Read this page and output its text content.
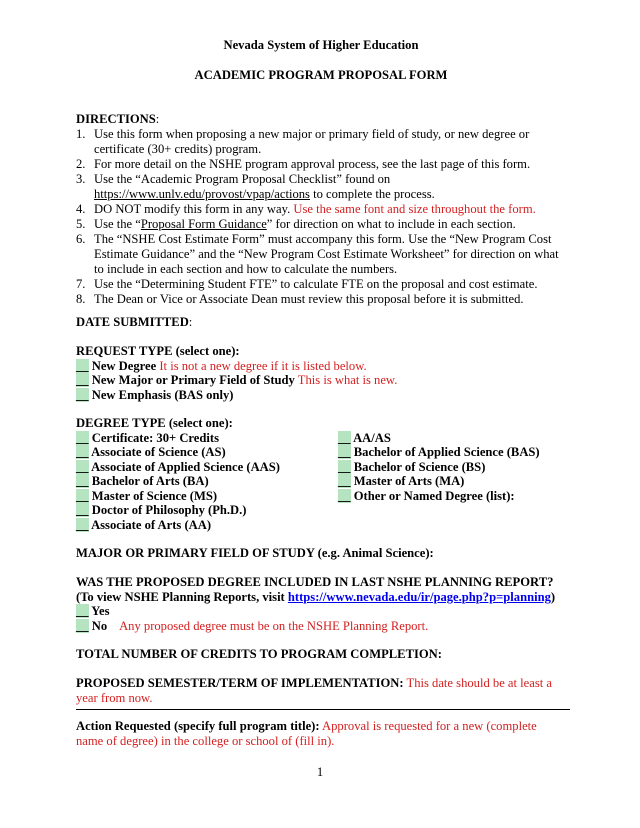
Nevada System of Higher Education
ACADEMIC PROGRAM PROPOSAL FORM
DIRECTIONS:
1. Use this form when proposing a new major or primary field of study, or new degree or certificate (30+ credits) program.
2. For more detail on the NSHE program approval process, see the last page of this form.
3. Use the “Academic Program Proposal Checklist” found on https://www.unlv.edu/provost/vpap/actions to complete the process.
4. DO NOT modify this form in any way. Use the same font and size throughout the form.
5. Use the “Proposal Form Guidance” for direction on what to include in each section.
6. The “NSHE Cost Estimate Form” must accompany this form. Use the “New Program Cost Estimate Guidance” and the “New Program Cost Estimate Worksheet” for direction on what to include in each section and how to calculate the numbers.
7. Use the “Determining Student FTE” to calculate FTE on the proposal and cost estimate.
8. The Dean or Vice or Associate Dean must review this proposal before it is submitted.
DATE SUBMITTED:
REQUEST TYPE (select one):
__ New Degree It is not a new degree if it is listed below.
__ New Major or Primary Field of Study This is what is new.
__ New Emphasis (BAS only)
DEGREE TYPE (select one):
__ Certificate: 30+ Credits
__ Associate of Science (AS)
__ Associate of Applied Science (AAS)
__ Bachelor of Arts (BA)
__ Master of Science (MS)
__ Doctor of Philosophy (Ph.D.)
__ Associate of Arts (AA)
__ AA/AS
__ Bachelor of Applied Science (BAS)
__ Bachelor of Science (BS)
__ Master of Arts (MA)
__ Other or Named Degree (list):
MAJOR OR PRIMARY FIELD OF STUDY (e.g. Animal Science):
WAS THE PROPOSED DEGREE INCLUDED IN LAST NSHE PLANNING REPORT?
(To view NSHE Planning Reports, visit https://www.nevada.edu/ir/page.php?p=planning)
__ Yes
__ No Any proposed degree must be on the NSHE Planning Report.
TOTAL NUMBER OF CREDITS TO PROGRAM COMPLETION:
PROPOSED SEMESTER/TERM OF IMPLEMENTATION: This date should be at least a year from now.
Action Requested (specify full program title): Approval is requested for a new (complete name of degree) in the college or school of (fill in).
1
